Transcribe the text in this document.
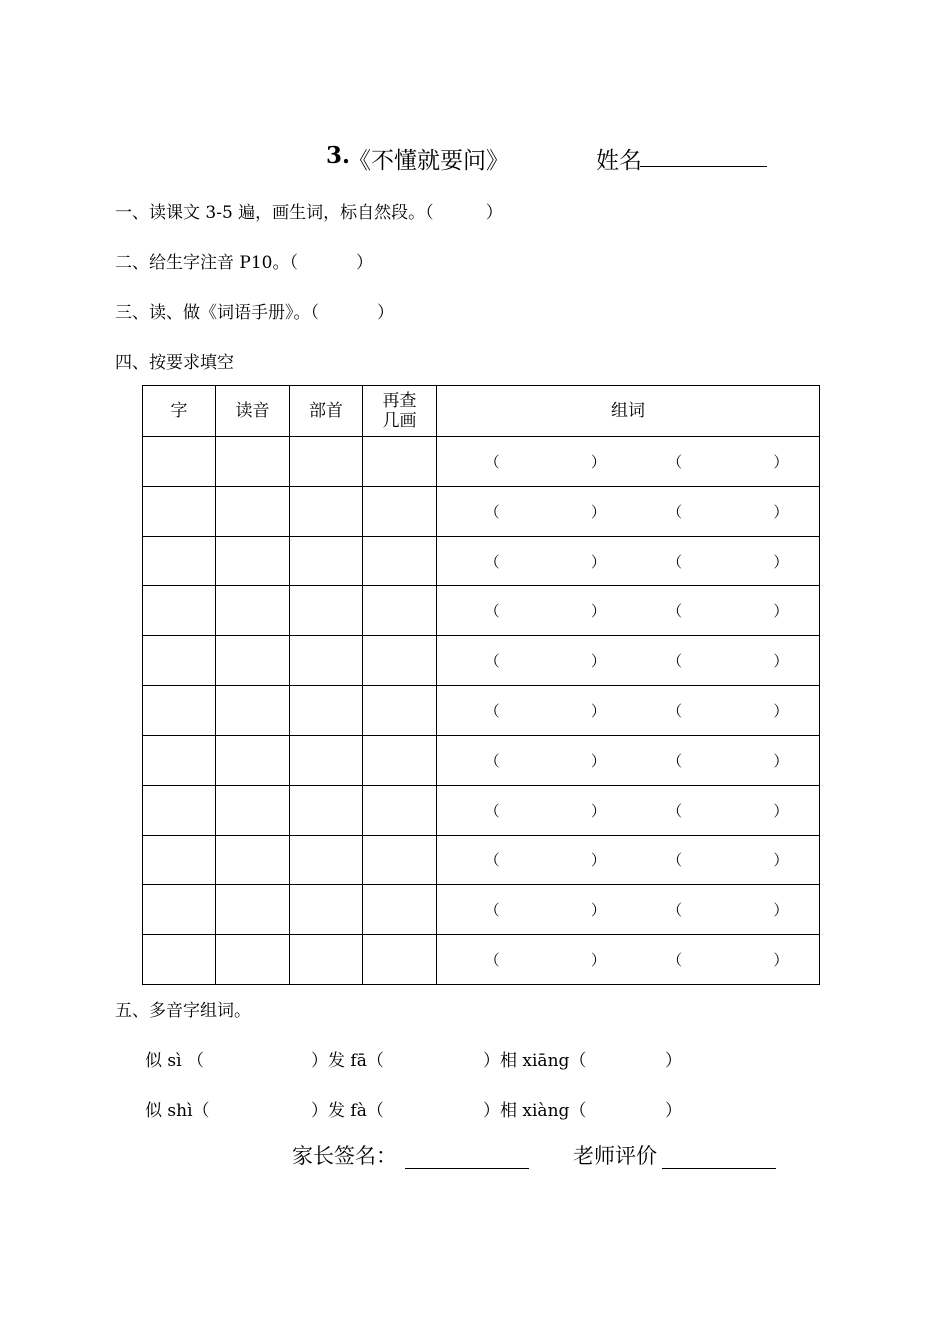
3.
《不懂就要问》	姓名
一、读课文 3-5 遍，画生词，标自然段。（	）
二、给生字注音 P10。（	）
三、读、做《词语手册》。（	）
四、按要求填空
字	读音	部首	再查
几画	组词

				（ ） （ ）

				（ ） （ ）

				（ ） （ ）

				（ ） （ ）

				（ ） （ ）

				（ ） （ ）

				（ ） （ ）

				（ ） （ ）

				（ ） （ ）

				（ ） （ ）

				（ ） （ ）
五、多音字组词。
似 sì （	）发 fā（	）相 xiāng（	）
似 shì（	）发 fà（	）相 xiàng（	）
家长签名：	老师评价
